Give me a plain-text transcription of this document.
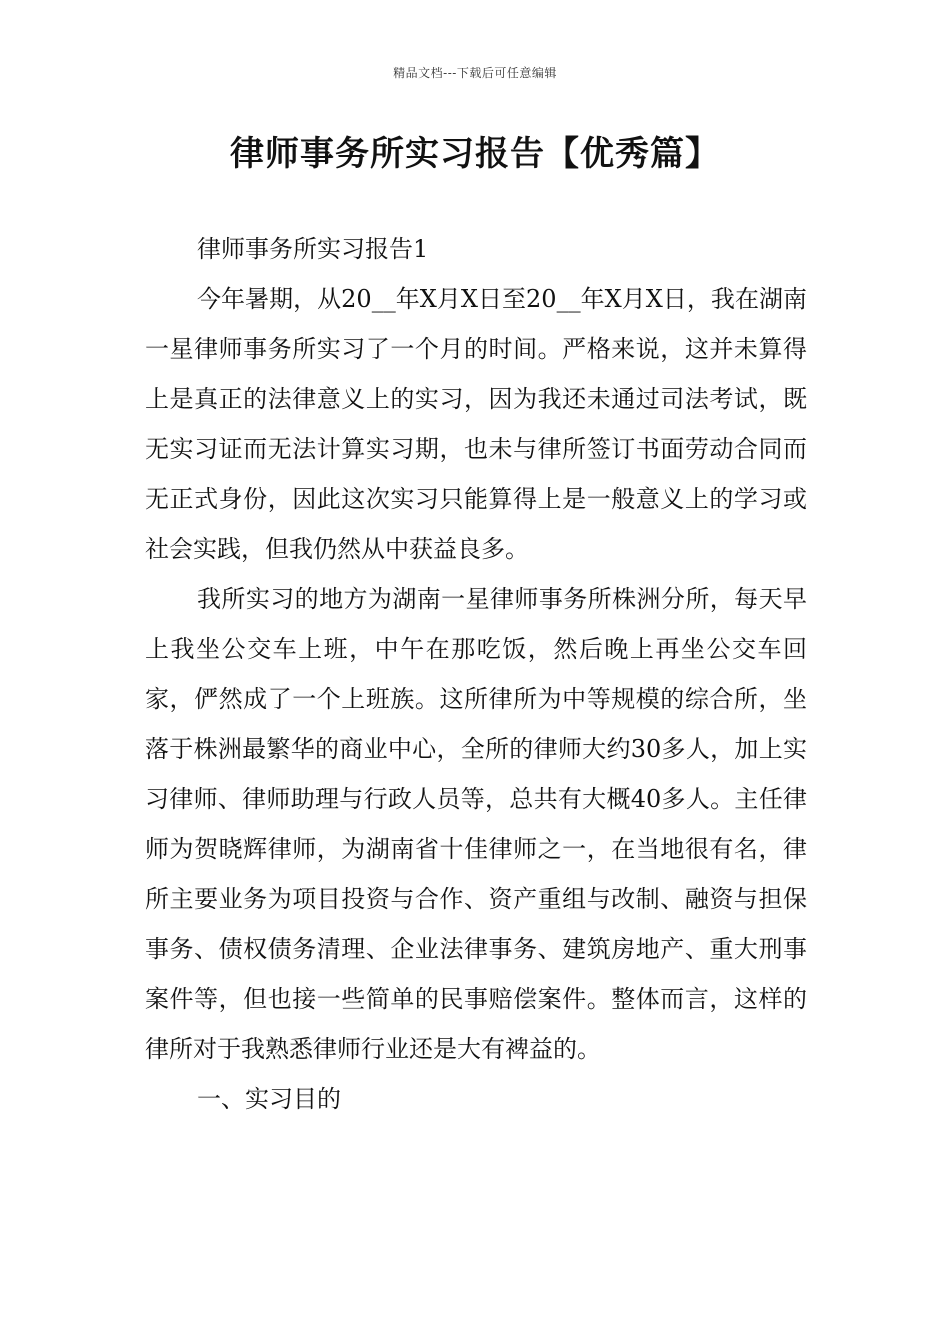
精品文档---下载后可任意编辑
律师事务所实习报告【优秀篇】

律师事务所实习报告1

今年暑期，从20__年X月X日至20__年X月X日，我在湖南一星律师事务所实习了一个月的时间。严格来说，这并未算得上是真正的法律意义上的实习，因为我还未通过司法考试，既无实习证而无法计算实习期，也未与律所签订书面劳动合同而无正式身份，因此这次实习只能算得上是一般意义上的学习或社会实践，但我仍然从中获益良多。

我所实习的地方为湖南一星律师事务所株洲分所，每天早上我坐公交车上班，中午在那吃饭，然后晚上再坐公交车回家，俨然成了一个上班族。这所律所为中等规模的综合所，坐落于株洲最繁华的商业中心，全所的律师大约30多人，加上实习律师、律师助理与行政人员等，总共有大概40多人。主任律师为贺晓辉律师，为湖南省十佳律师之一，在当地很有名，律所主要业务为项目投资与合作、资产重组与改制、融资与担保事务、债权债务清理、企业法律事务、建筑房地产、重大刑事案件等，但也接一些简单的民事赔偿案件。整体而言，这样的律所对于我熟悉律师行业还是大有裨益的。

一、实习目的
